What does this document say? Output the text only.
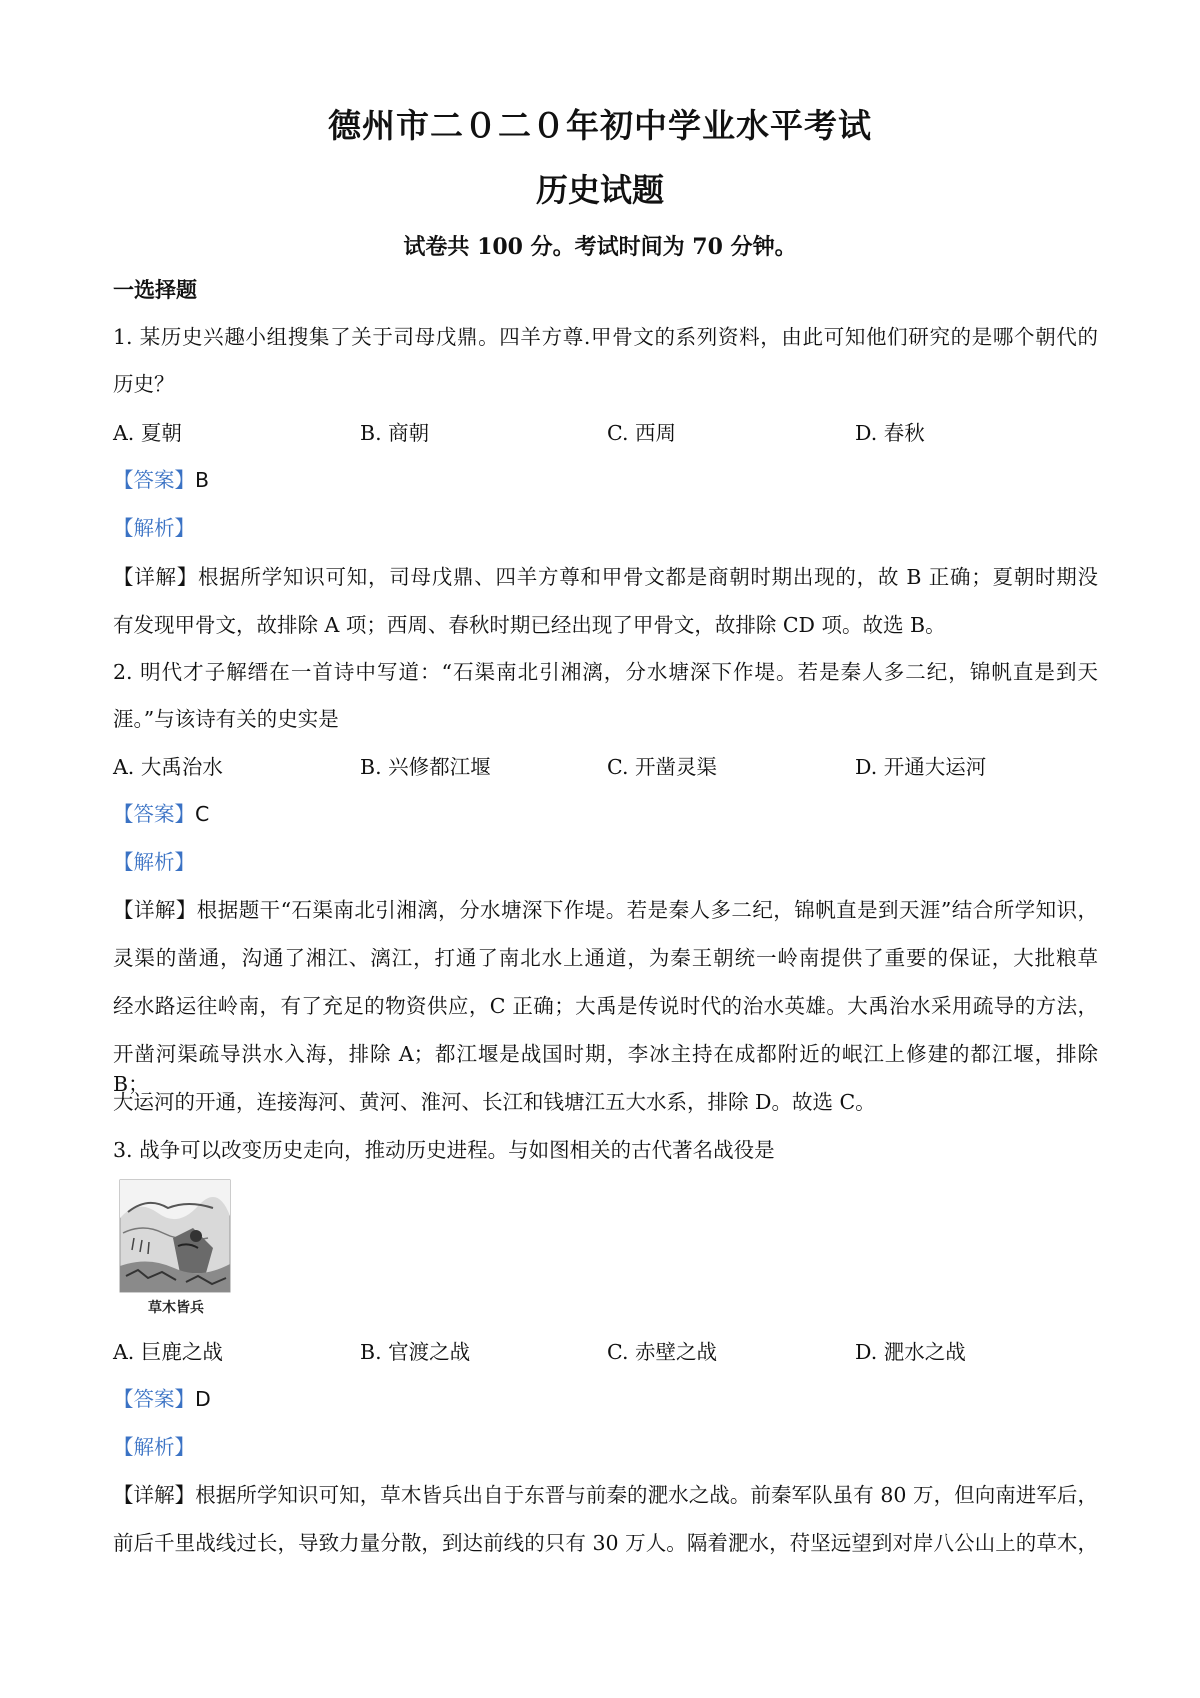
德州市二０二０年初中学业水平考试
历史试题
试卷共 100 分。考试时间为 70 分钟。
一选择题
1. 某历史兴趣小组搜集了关于司母戊鼎。四羊方尊.甲骨文的系列资料，由此可知他们研究的是哪个朝代的
历史？
A. 夏朝	B. 商朝	C. 西周	D. 春秋
【答案】B
【解析】
【详解】根据所学知识可知，司母戊鼎、四羊方尊和甲骨文都是商朝时期出现的，故 B 正确；夏朝时期没
有发现甲骨文，故排除 A 项；西周、春秋时期已经出现了甲骨文，故排除 CD 项。故选 B。
2. 明代才子解缙在一首诗中写道：“石渠南北引湘漓，分水塘深下作堤。若是秦人多二纪，锦帆直是到天
涯。”与该诗有关的史实是
A. 大禹治水	B. 兴修都江堰	C. 开凿灵渠	D. 开通大运河
【答案】C
【解析】
【详解】根据题干“石渠南北引湘漓，分水塘深下作堤。若是秦人多二纪，锦帆直是到天涯”结合所学知识，
灵渠的凿通，沟通了湘江、漓江，打通了南北水上通道，为秦王朝统一岭南提供了重要的保证，大批粮草
经水路运往岭南，有了充足的物资供应，C 正确；大禹是传说时代的治水英雄。大禹治水采用疏导的方法，
开凿河渠疏导洪水入海，排除 A；都江堰是战国时期，李冰主持在成都附近的岷江上修建的都江堰，排除 B；
大运河的开通，连接海河、黄河、淮河、长江和钱塘江五大水系，排除 D。故选 C。
3. 战争可以改变历史走向，推动历史进程。与如图相关的古代著名战役是
草木皆兵
A. 巨鹿之战	B. 官渡之战	C. 赤壁之战	D. 淝水之战
【答案】D
【解析】
【详解】根据所学知识可知，草木皆兵出自于东晋与前秦的淝水之战。前秦军队虽有 80 万，但向南进军后，
前后千里战线过长，导致力量分散，到达前线的只有 30 万人。隔着淝水，苻坚远望到对岸八公山上的草木，
